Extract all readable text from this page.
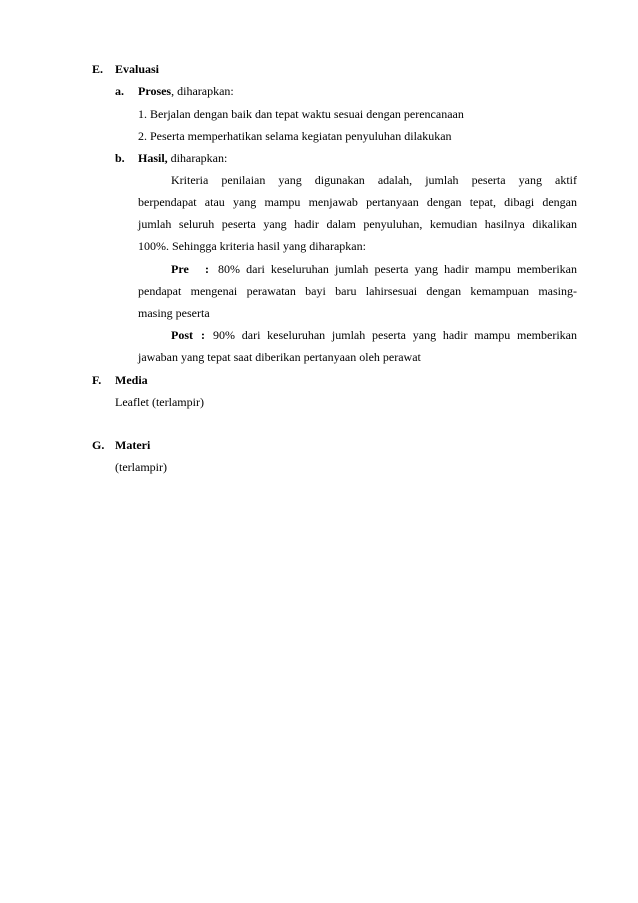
E. Evaluasi
a. Proses, diharapkan:
1. Berjalan dengan baik dan tepat waktu sesuai dengan perencanaan
2. Peserta memperhatikan selama kegiatan penyuluhan dilakukan
b. Hasil, diharapkan:
Kriteria penilaian yang digunakan adalah, jumlah peserta yang aktif
berpendapat atau yang mampu menjawab pertanyaan dengan tepat, dibagi dengan
jumlah seluruh peserta yang hadir dalam penyuluhan, kemudian hasilnya dikalikan
100%. Sehingga kriteria hasil yang diharapkan:
Pre : 80% dari keseluruhan jumlah peserta yang hadir mampu memberikan
pendapat mengenai perawatan bayi baru lahirsesuai dengan kemampuan masing-
masing peserta
Post : 90% dari keseluruhan jumlah peserta yang hadir mampu memberikan
jawaban yang tepat saat diberikan pertanyaan oleh perawat
F. Media
Leaflet (terlampir)
G. Materi
(terlampir)
